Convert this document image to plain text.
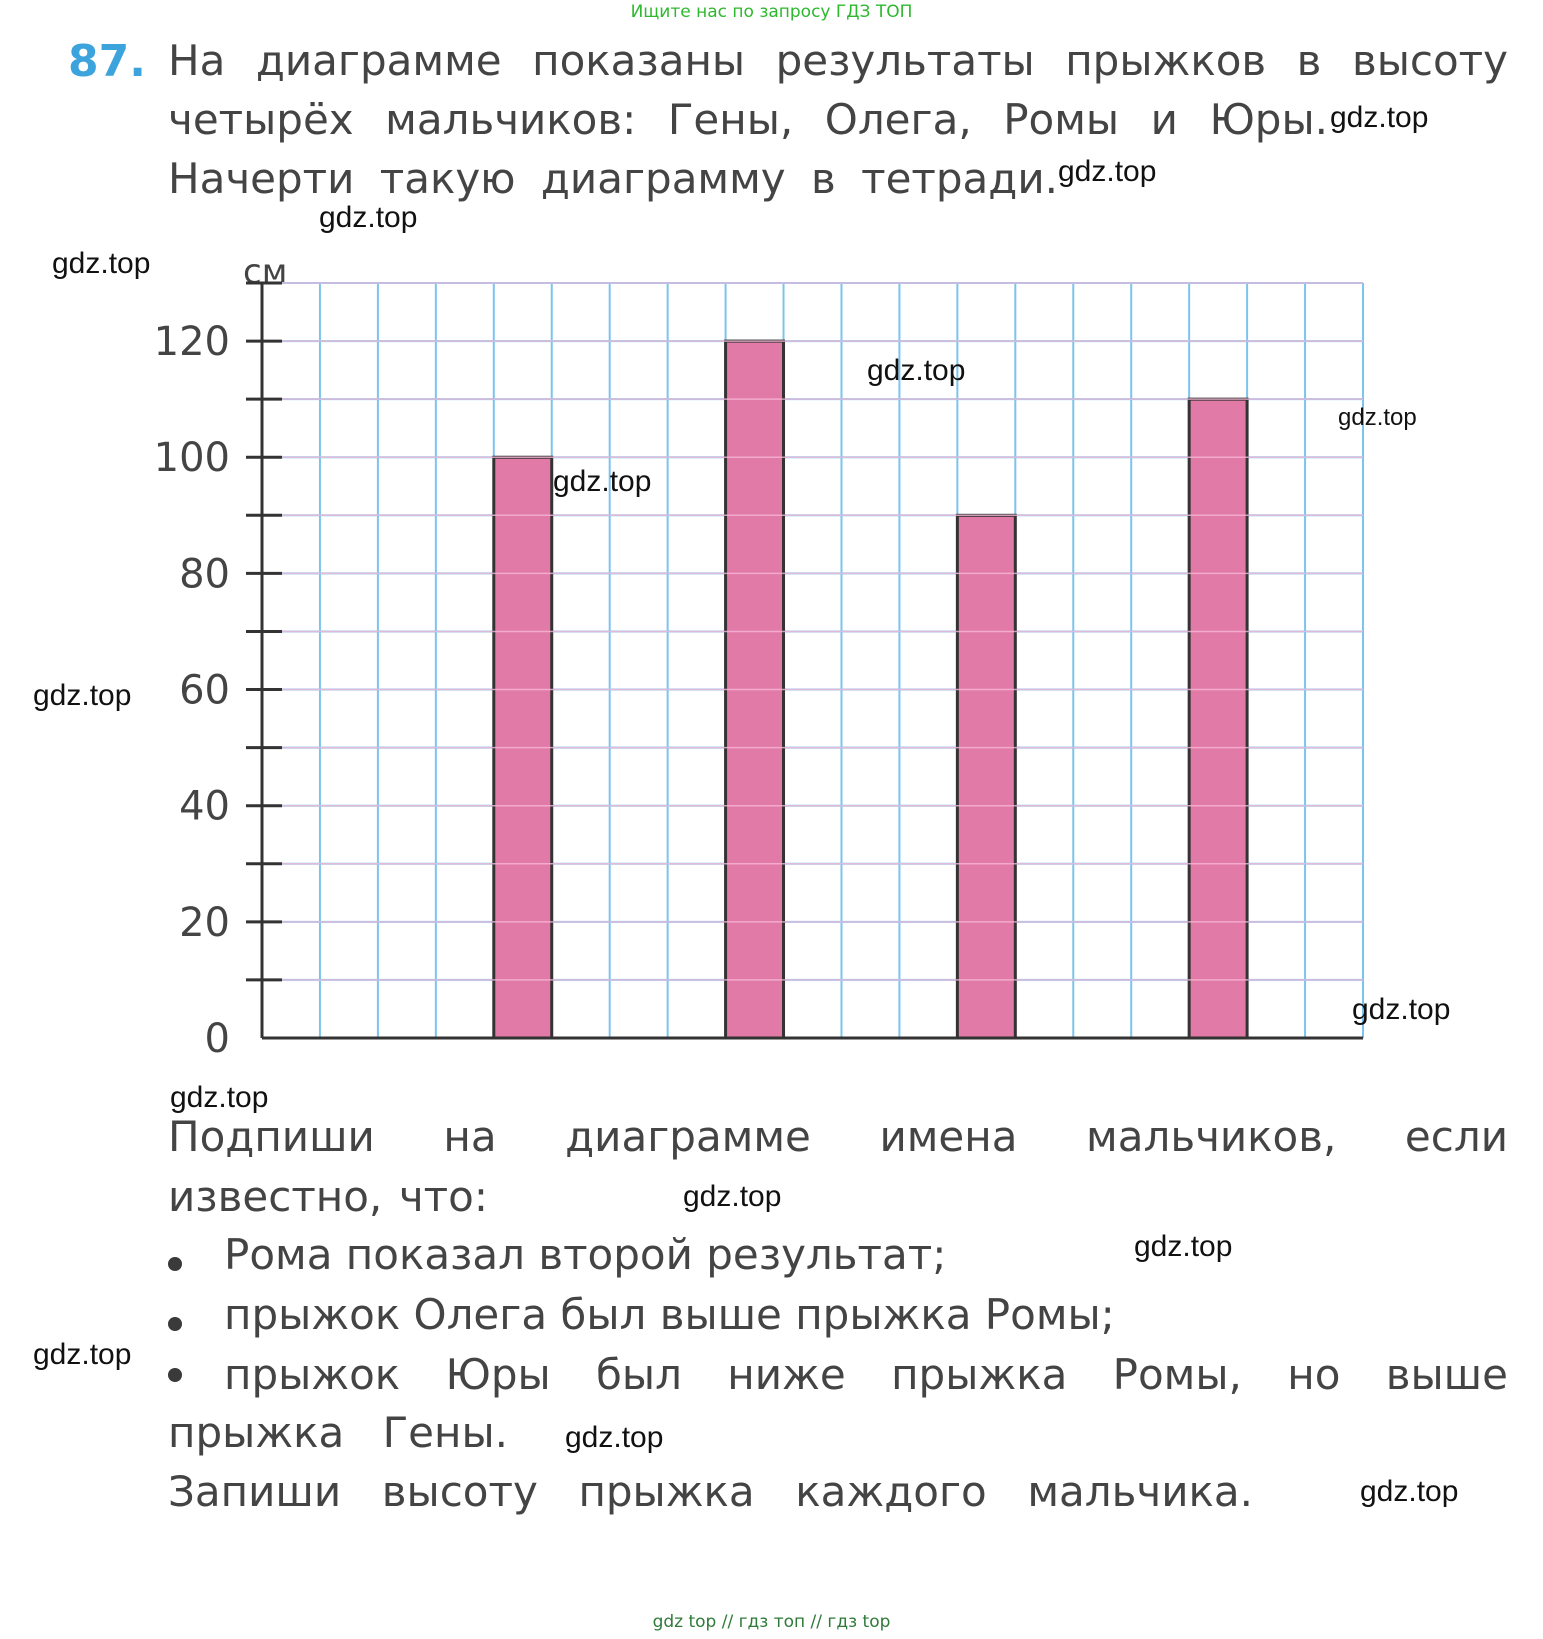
Ищите нас по запросу ГДЗ ТОП
87. На диаграмме показаны результаты прыжков в высоту
четырёх мальчиков: Гены, Олега, Ромы и Юры.
Начерти такую диаграмму в тетради.
см
0
20
40
60
80
100
120
Подпиши на диаграмме имена мальчиков, если
известно, что:
Рома показал второй результат;
прыжок Олега был выше прыжка Ромы;
прыжок Юры был ниже прыжка Ромы, но выше
прыжка Гены.
Запиши высоту прыжка каждого мальчика.
gdz.top
gdz.top
gdz.top
gdz.top
gdz.top
gdz.top
gdz.top
gdz.top
gdz.top
gdz.top
gdz.top
gdz.top
gdz.top
gdz.top
gdz.top
gdz top // гдз топ // гдз top
